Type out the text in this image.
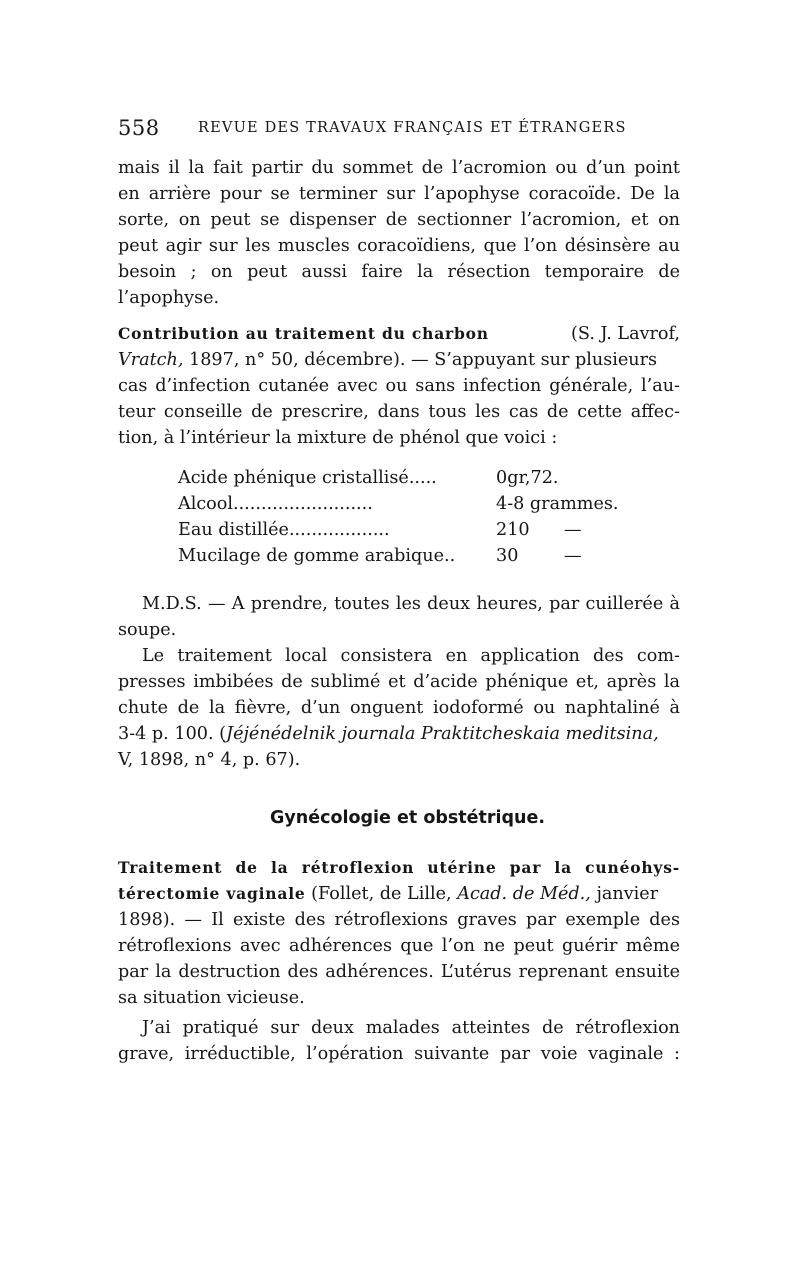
558	REVUE DES TRAVAUX FRANÇAIS ET ÉTRANGERS
mais il la fait partir du sommet de l’acromion ou d’un point
en arrière pour se terminer sur l’apophyse coracoïde. De la
sorte, on peut se dispenser de sectionner l’acromion, et on
peut agir sur les muscles coracoïdiens, que l’on désinsère au
besoin ; on peut aussi faire la résection temporaire de
l’apophyse.
Contribution au traitement du charbon	(S. J. Lavrof,
Vratch, 1897, n° 50, décembre). — S’appuyant sur plusieurs
cas d’infection cutanée avec ou sans infection générale, l’au-
teur conseille de prescrire, dans tous les cas de cette affec-
tion, à l’intérieur la mixture de phénol que voici :
Acide phénique cristallisé.....	0gr,72.
Alcool.........................	4-8 grammes.
Eau distillée..................	210 —
Mucilage de gomme arabique.. 30	—
M.D.S. — A prendre, toutes les deux heures, par cuillerée à
soupe.
Le traitement local consistera en application des com-
presses imbibées de sublimé et d’acide phénique et, après la
chute de la fièvre, d’un onguent iodoformé ou naphtaliné à
3-4 p. 100. (Jéjénédelnik journala Praktitcheskaia meditsina,
V, 1898, n° 4, p. 67).
Gynécologie et obstétrique.
Traitement de la rétroflexion utérine par la cunéohys-
térectomie vaginale (Follet, de Lille, Acad. de Méd., janvier
1898). — Il existe des rétroflexions graves par exemple des
rétroflexions avec adhérences que l’on ne peut guérir même
par la destruction des adhérences. L’utérus reprenant ensuite
sa situation vicieuse.
J’ai pratiqué sur deux malades atteintes de rétroflexion
grave, irréductible, l’opération suivante par voie vaginale :
